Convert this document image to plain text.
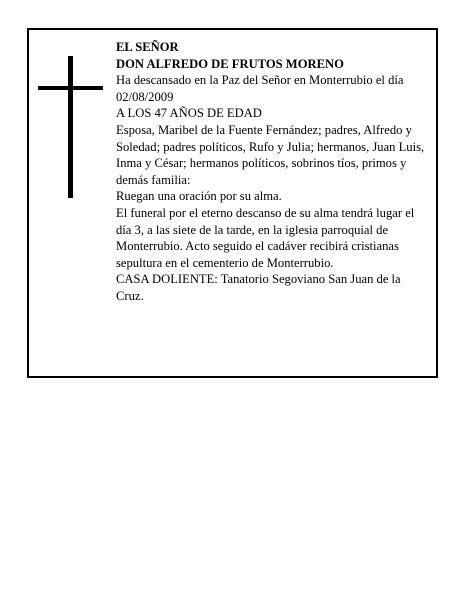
EL SEÑOR

DON ALFREDO DE FRUTOS MORENO

Ha descansado en la Paz del Señor en Monterrubio el día 02/08/2009

A LOS 47 AÑOS DE EDAD

Esposa, Maribel de la Fuente Fernández; padres, Alfredo y Soledad; padres políticos, Rufo y Julia; hermanos, Juan Luis, Inma y César; hermanos políticos, sobrinos tíos, primos y demás familia:

Ruegan una oración por su alma.

El funeral por el eterno descanso de su alma tendrá lugar el día 3, a las siete de la tarde, en la iglesia parroquial de Monterrubio. Acto seguido el cadáver recibirá cristianas sepultura en el cementerio de Monterrubio.

CASA DOLIENTE: Tanatorio Segoviano San Juan de la Cruz.
